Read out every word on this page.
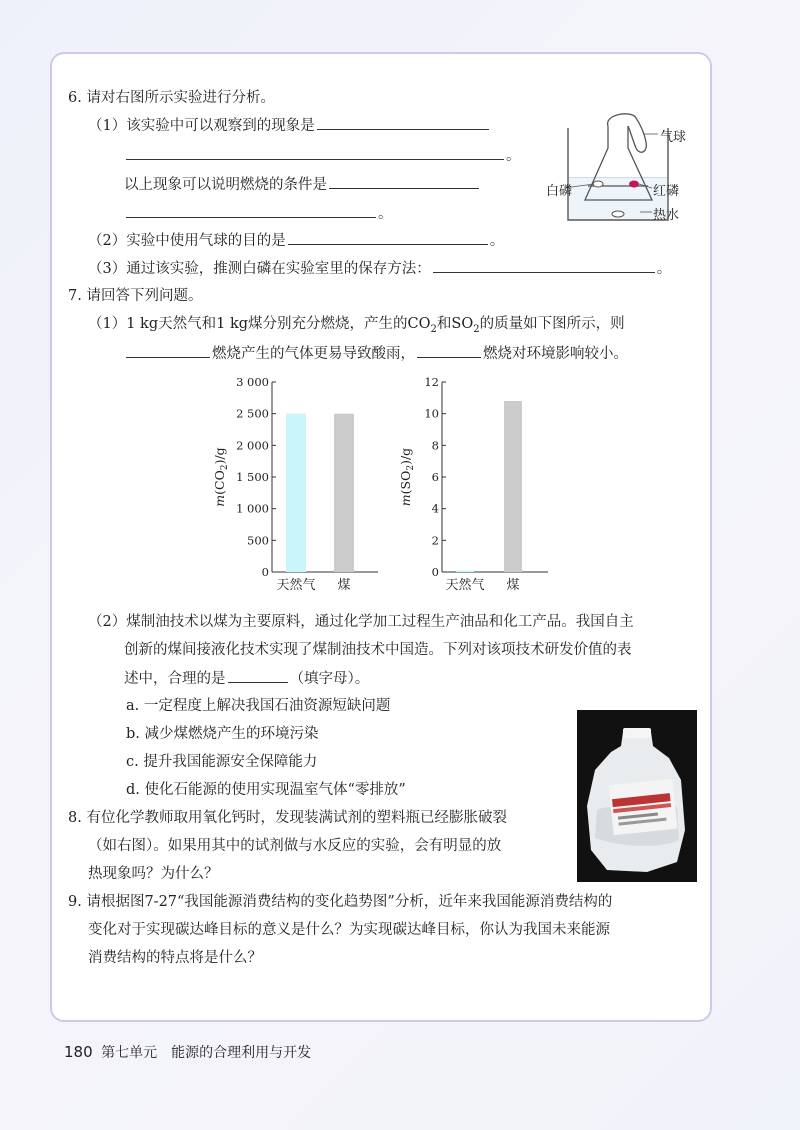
6. 请对右图所示实验进行分析。
（1）该实验中可以观察到的现象是
。
以上现象可以说明燃烧的条件是
。
（2）实验中使用气球的目的是	。
（3）通过该实验，推测白磷在实验室里的保存方法：	。
气球
白磷	红磷
热水
7. 请回答下列问题。
（1）1 kg天然气和1 kg煤分别充分燃烧，产生的$CO_2$和$SO_2$的质量如下图所示，则
燃烧产生的气体更易导致酸雨，	燃烧对环境影响较小。
0
500
1 000
1 500
2 000
2 500
3 000
天然气 煤
$m(CO_2)/g$
0
2
4
6
8
10
12
天然气 煤
$m(SO_2)/g$
（2）煤制油技术以煤为主要原料，通过化学加工过程生产油品和化工产品。我国自主
创新的煤间接液化技术实现了煤制油技术中国造。下列对该项技术研发价值的表
述中，合理的是	（填字母）。
a. 一定程度上解决我国石油资源短缺问题
b. 减少煤燃烧产生的环境污染
c. 提升我国能源安全保障能力
d. 使化石能源的使用实现温室气体“零排放”
8. 有位化学教师取用氧化钙时，发现装满试剂的塑料瓶已经膨胀破裂
（如右图）。如果用其中的试剂做与水反应的实验，会有明显的放
热现象吗？为什么？
9. 请根据图7-27“我国能源消费结构的变化趋势图”分析，近年来我国能源消费结构的
变化对于实现碳达峰目标的意义是什么？为实现碳达峰目标，你认为我国未来能源
消费结构的特点将是什么？
180 第七单元　能源的合理利用与开发
